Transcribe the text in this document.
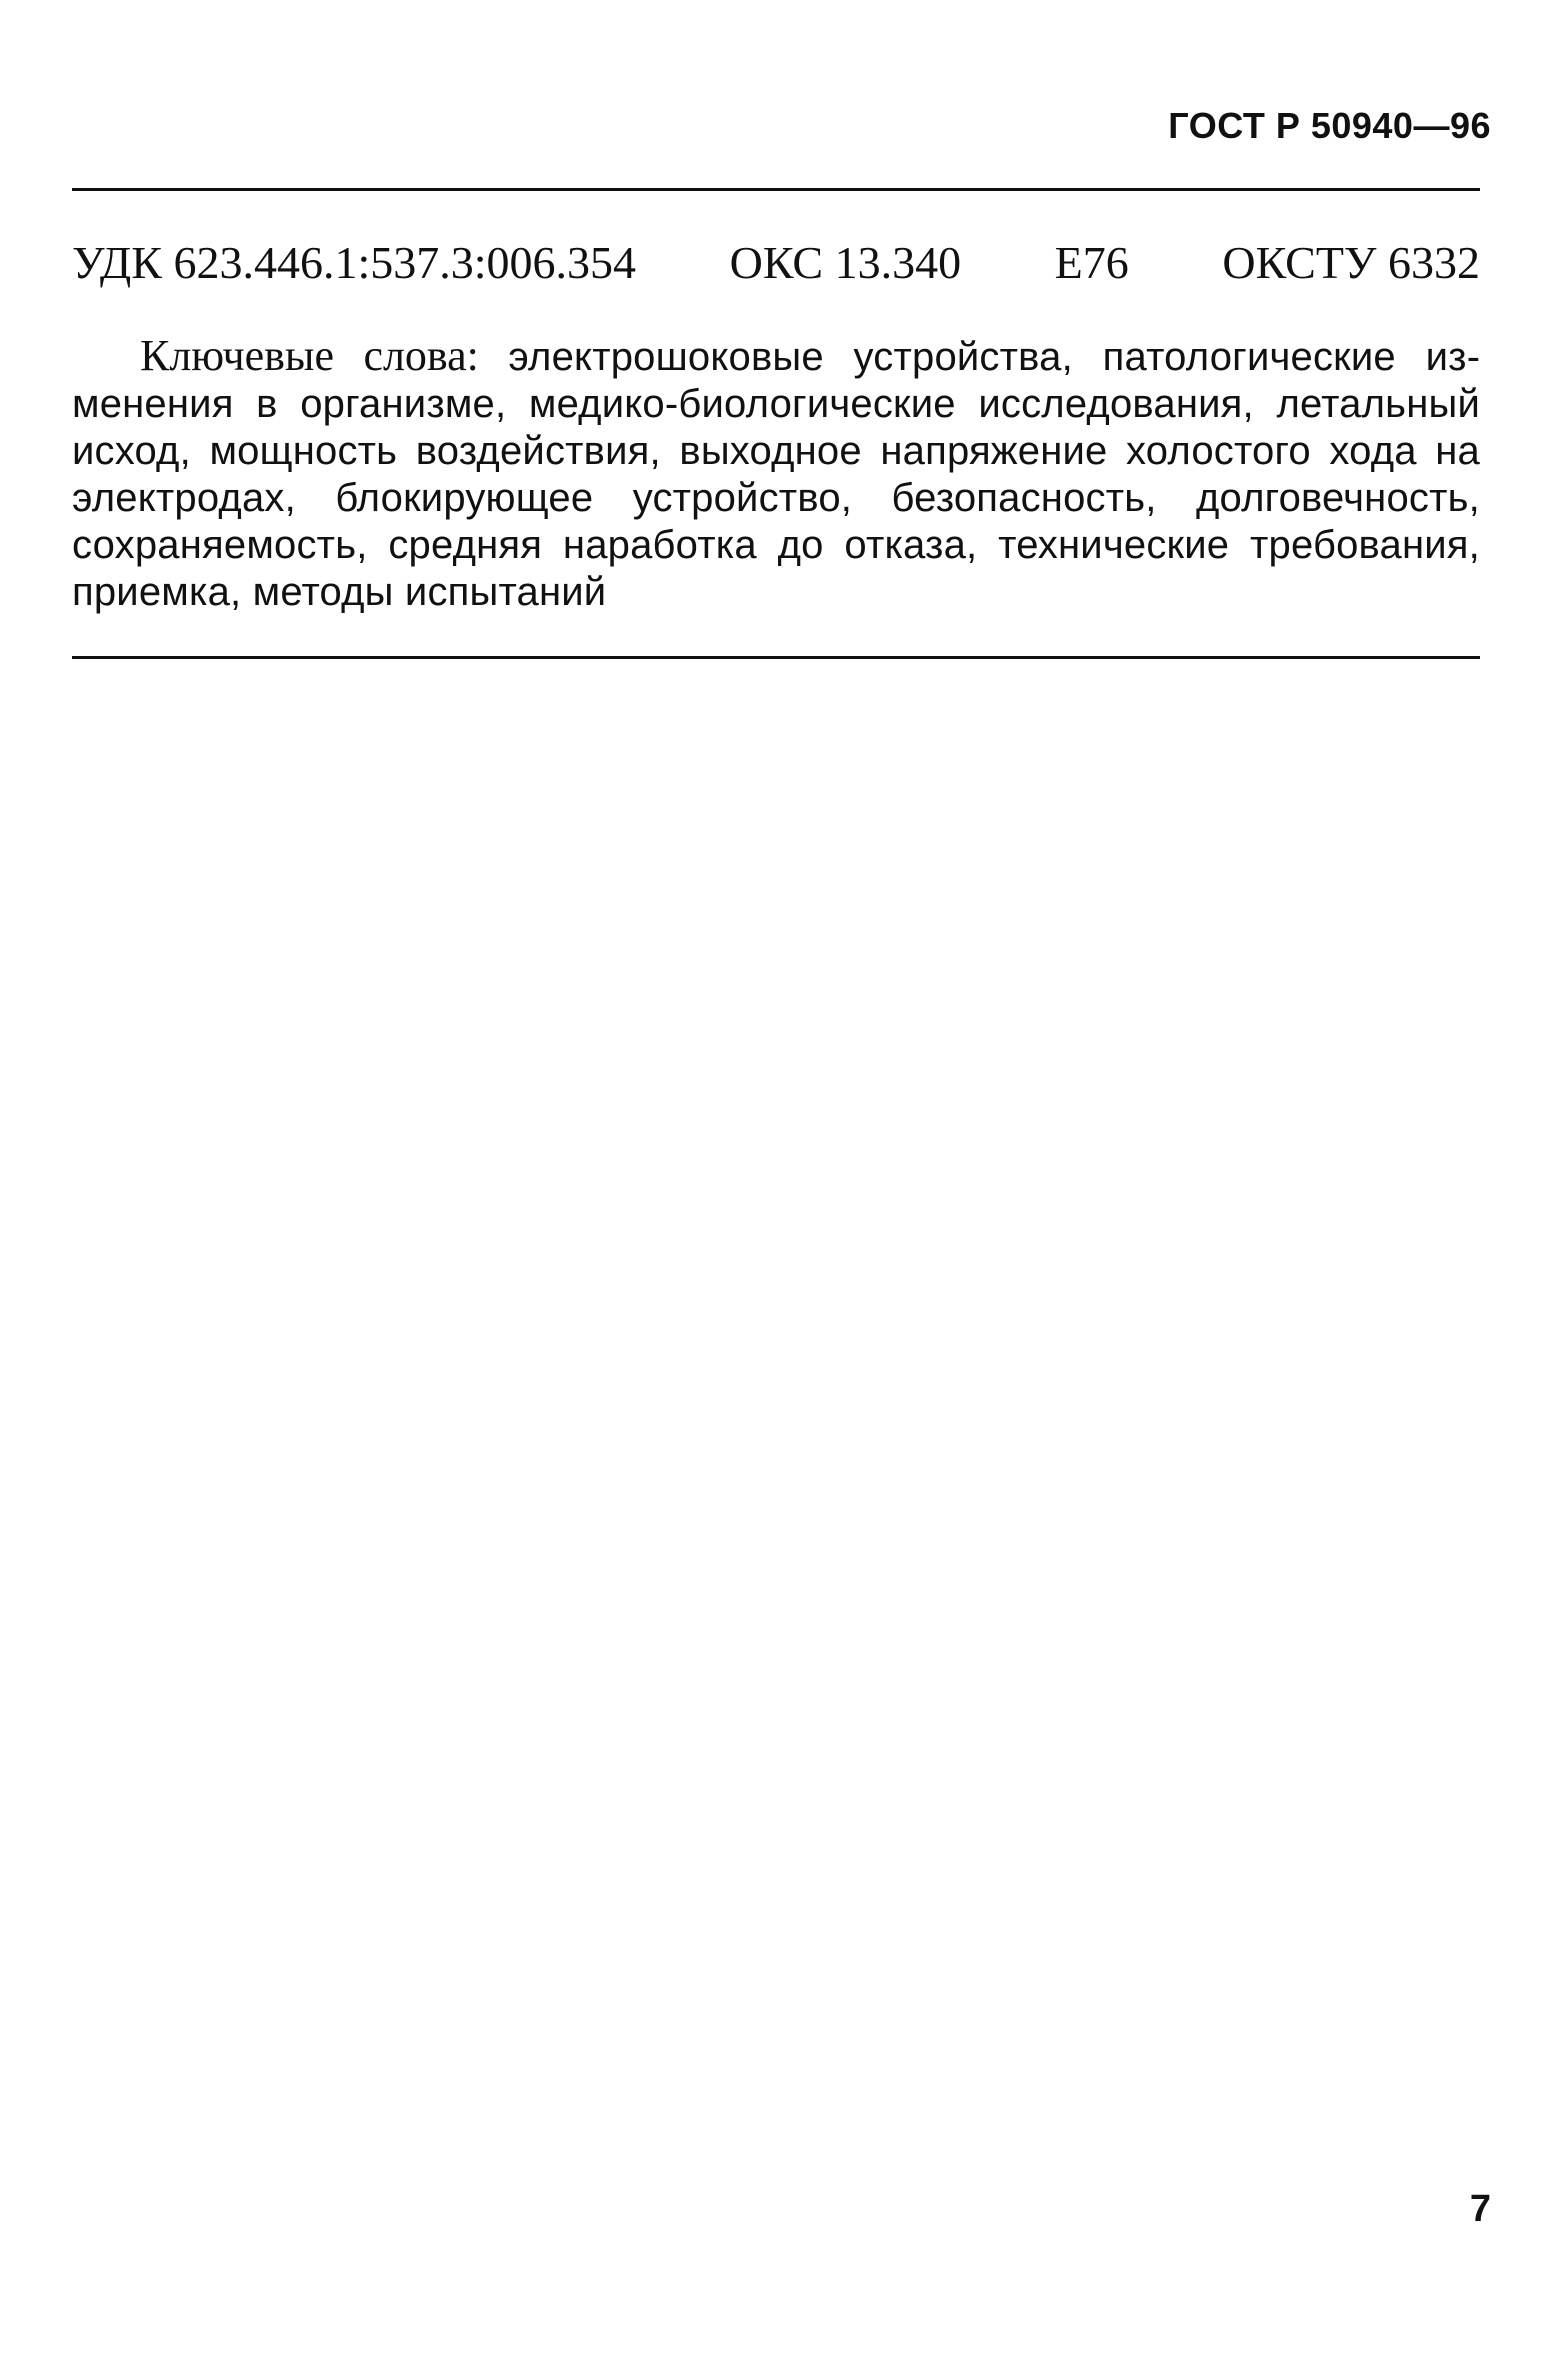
ГОСТ Р 50940—96
УДК 623.446.1:537.3:006.354 ОКС 13.340 Е76 ОКСТУ 6332

Ключевые слова: электрошоковые устройства, патологические изменения в организме, медико-биологические исследования, летальный исход, мощность воздействия, выходное напряжение холостого хода на электродах, блокирующее устройство, безопасность, долговечность, сохраняемость, средняя наработка до отказа, технические требования, приемка, методы испытаний

7
